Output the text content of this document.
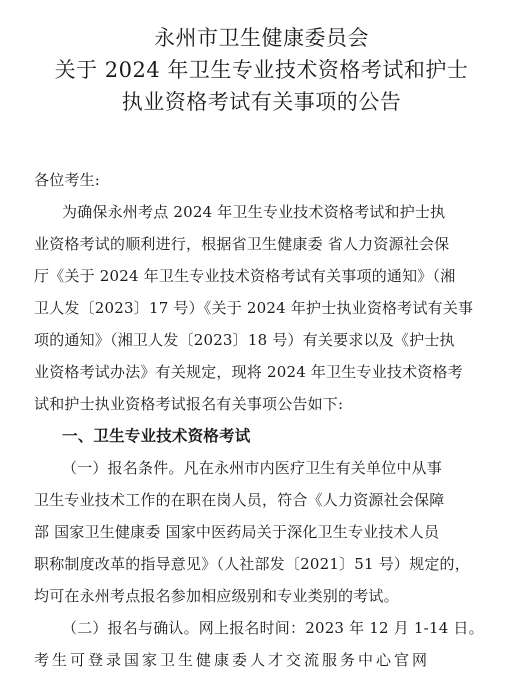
永州市卫生健康委员会
关于 2024 年卫生专业技术资格考试和护士
执业资格考试有关事项的公告
各位考生:
为确保永州考点 2024 年卫生专业技术资格考试和护士执
业资格考试的顺利进行，根据省卫生健康委 省人力资源社会保
厅《关于 2024 年卫生专业技术资格考试有关事项的通知》（湘
卫人发〔2023〕17 号）《关于 2024 年护士执业资格考试有关事
项的通知》（湘卫人发〔2023〕18 号）有关要求以及《护士执
业资格考试办法》有关规定，现将 2024 年卫生专业技术资格考
试和护士执业资格考试报名有关事项公告如下:
一、卫生专业技术资格考试
（一）报名条件。凡在永州市内医疗卫生有关单位中从事
卫生专业技术工作的在职在岗人员，符合《人力资源社会保障
部 国家卫生健康委 国家中医药局关于深化卫生专业技术人员
职称制度改革的指导意见》（人社部发〔2021〕51 号）规定的，
均可在永州考点报名参加相应级别和专业类别的考试。
（二）报名与确认。网上报名时间：2023 年 12 月 1-14 日。
考生可登录国家卫生健康委人才交流服务中心官网
